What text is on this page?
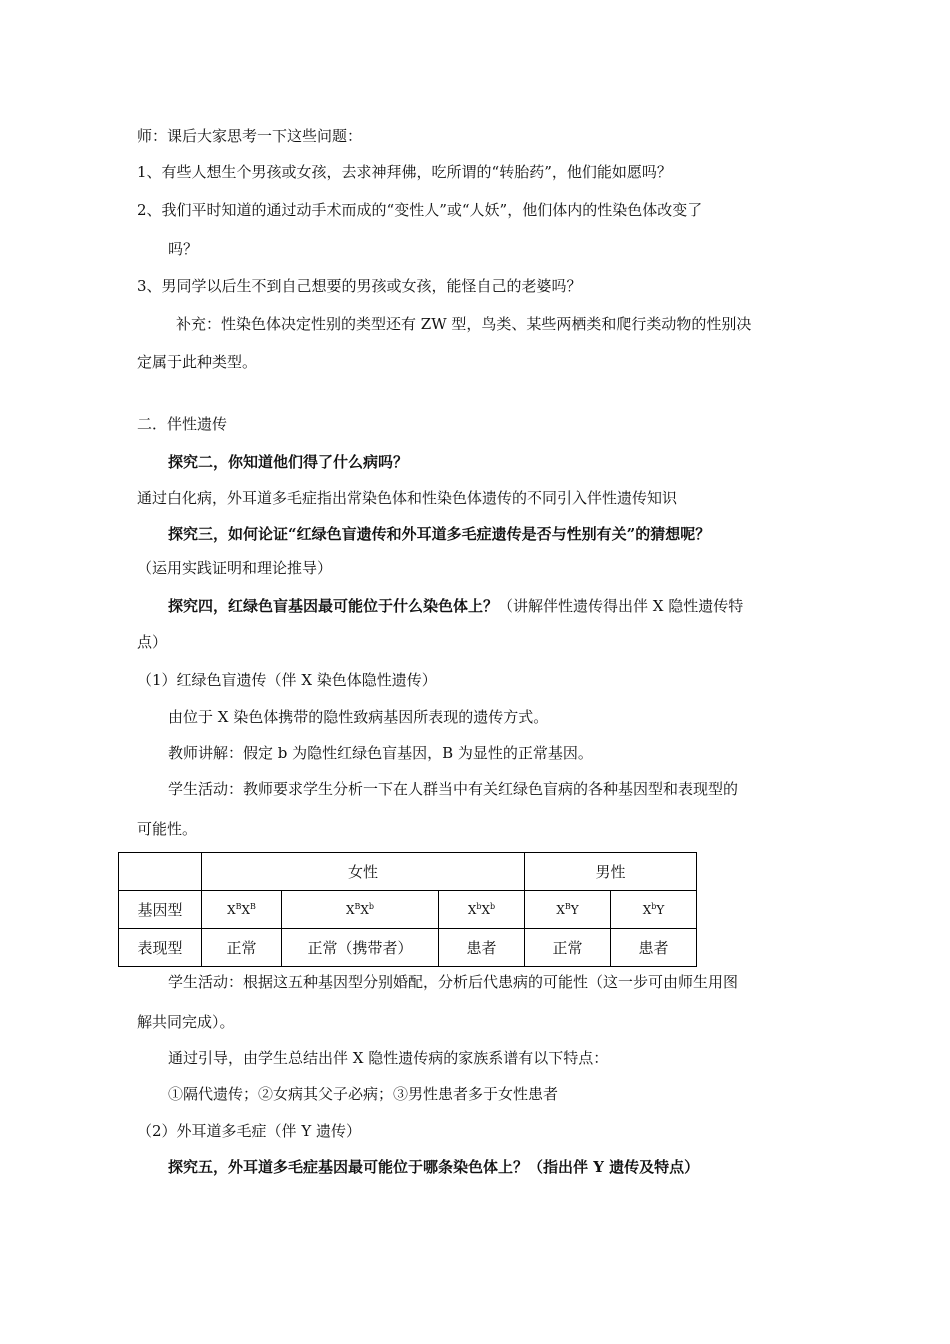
师：课后大家思考一下这些问题：
1、有些人想生个男孩或女孩，去求神拜佛，吃所谓的“转胎药”，他们能如愿吗？
2、我们平时知道的通过动手术而成的“变性人”或“人妖”，他们体内的性染色体改变了
吗？
3、男同学以后生不到自己想要的男孩或女孩，能怪自己的老婆吗？
补充：性染色体决定性别的类型还有 ZW 型，鸟类、某些两栖类和爬行类动物的性别决
定属于此种类型。
二．伴性遗传
探究二，你知道他们得了什么病吗？
通过白化病，外耳道多毛症指出常染色体和性染色体遗传的不同引入伴性遗传知识
探究三，如何论证“红绿色盲遗传和外耳道多毛症遗传是否与性别有关”的猜想呢？
（运用实践证明和理论推导）
探究四，红绿色盲基因最可能位于什么染色体上？（讲解伴性遗传得出伴 X 隐性遗传特
点）
（1）红绿色盲遗传（伴 X 染色体隐性遗传）
由位于 X 染色体携带的隐性致病基因所表现的遗传方式。
教师讲解：假定 b 为隐性红绿色盲基因，B 为显性的正常基因。
学生活动：教师要求学生分析一下在人群当中有关红绿色盲病的各种基因型和表现型的
可能性。
	女性			男性	
基因型	$X^BX^B$	$X^BX^b$	$X^bX^b$	$X^BY$	$X^bY$
表现型	正常	正常（携带者）	患者	正常	患者
学生活动：根据这五种基因型分别婚配，分析后代患病的可能性（这一步可由师生用图
解共同完成）。
通过引导，由学生总结出伴 X 隐性遗传病的家族系谱有以下特点：
①隔代遗传；②女病其父子必病；③男性患者多于女性患者
（2）外耳道多毛症（伴 Y 遗传）
探究五，外耳道多毛症基因最可能位于哪条染色体上？（指出伴 Y 遗传及特点）
